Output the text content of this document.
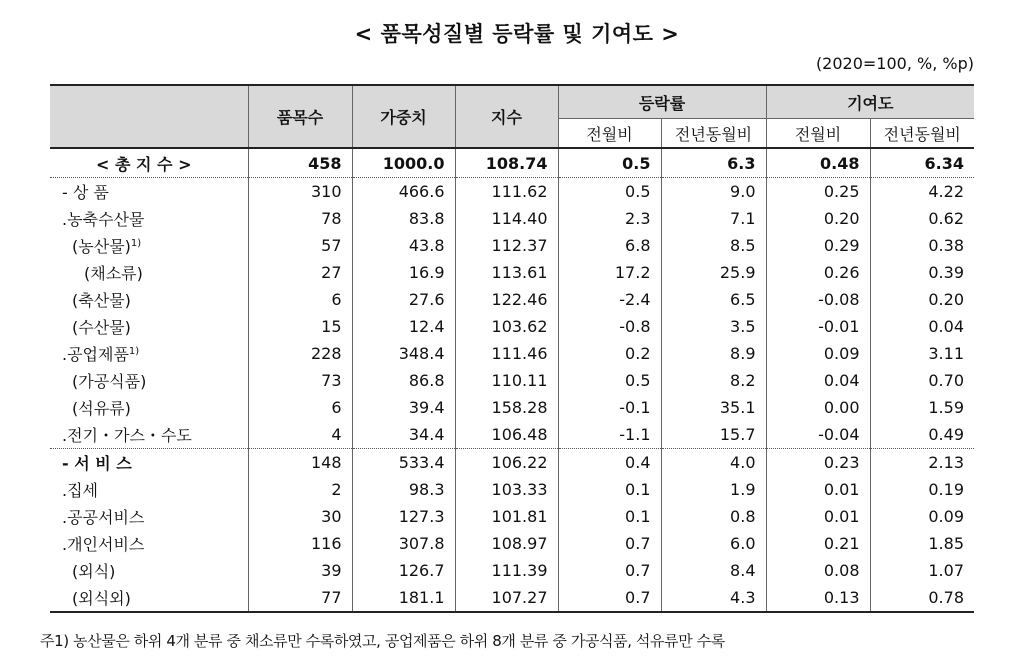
< 품목성질별 등락률 및 기여도 >
(2020=100, %, %p)
	품목수	가중치	지수	등락률		기여도	
				전월비	전년동월비	전월비	전년동월비
< 총 지 수 >	458	1000.0	108.74	0.5	6.3	0.48	6.34
- 상 품	310	466.6	111.62	0.5	9.0	0.25	4.22
.농축수산물	78	83.8	114.40	2.3	7.1	0.20	0.62
(농산물)$^{1)}$	57	43.8	112.37	6.8	8.5	0.29	0.38
(채소류)	27	16.9	113.61	17.2	25.9	0.26	0.39
(축산물)	6	27.6	122.46	-2.4	6.5	-0.08	0.20
(수산물)	15	12.4	103.62	-0.8	3.5	-0.01	0.04
.공업제품$^{1)}$	228	348.4	111.46	0.2	8.9	0.09	3.11
(가공식품)	73	86.8	110.11	0.5	8.2	0.04	0.70
(석유류)	6	39.4	158.28	-0.1	35.1	0.00	1.59
.전기・가스・수도	4	34.4	106.48	-1.1	15.7	-0.04	0.49
- 서 비 스	148	533.4	106.22	0.4	4.0	0.23	2.13
.집세	2	98.3	103.33	0.1	1.9	0.01	0.19
.공공서비스	30	127.3	101.81	0.1	0.8	0.01	0.09
.개인서비스	116	307.8	108.97	0.7	6.0	0.21	1.85
(외식)	39	126.7	111.39	0.7	8.4	0.08	1.07
(외식외)	77	181.1	107.27	0.7	4.3	0.13	0.78
주1) 농산물은 하위 4개 분류 중 채소류만 수록하였고, 공업제품은 하위 8개 분류 중 가공식품, 석유류만 수록
